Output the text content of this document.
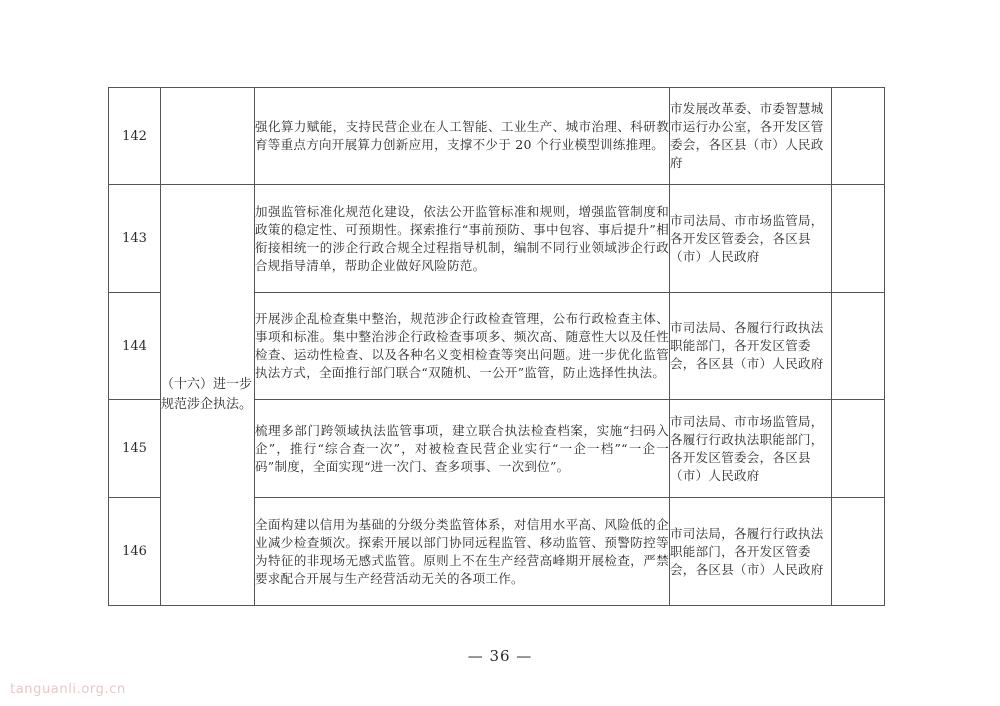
142		强化算力赋能，支持民营企业在人工智能、工业生产、城市治理、科研教育等重点方向开展算力创新应用，支撑不少于 20 个行业模型训练推理。	市发展改革委、市委智慧城市运行办公室，各开发区管委会，各区县（市）人民政府	
143	（十六）进一步规范涉企执法。	加强监管标准化规范化建设，依法公开监管标准和规则，增强监管制度和政策的稳定性、可预期性。探索推行“事前预防、事中包容、事后提升”相衔接相统一的涉企行政合规全过程指导机制，编制不同行业领域涉企行政合规指导清单，帮助企业做好风险防范。	市司法局、市市场监管局，各开发区管委会，各区县（市）人民政府	
144		开展涉企乱检查集中整治，规范涉企行政检查管理，公布行政检查主体、事项和标准。集中整治涉企行政检查事项多、频次高、随意性大以及任性检查、运动性检查、以及各种名义变相检查等突出问题。进一步优化监管执法方式，全面推行部门联合“双随机、一公开”监管，防止选择性执法。	市司法局、各履行行政执法职能部门，各开发区管委会，各区县（市）人民政府	
145		梳理多部门跨领域执法监管事项，建立联合执法检查档案，实施“扫码入企”，推行“综合查一次”，对被检查民营企业实行“一企一档”“一企一码”制度，全面实现“进一次门、查多项事、一次到位”。	市司法局、市市场监管局，各履行行政执法职能部门，各开发区管委会，各区县（市）人民政府	
146		全面构建以信用为基础的分级分类监管体系，对信用水平高、风险低的企业减少检查频次。探索开展以部门协同远程监管、移动监管、预警防控等为特征的非现场无感式监管。原则上不在生产经营高峰期开展检查，严禁要求配合开展与生产经营活动无关的各项工作。	市司法局，各履行行政执法职能部门，各开发区管委会，各区县（市）人民政府	
— 36 —
tanguanli.org.cn
